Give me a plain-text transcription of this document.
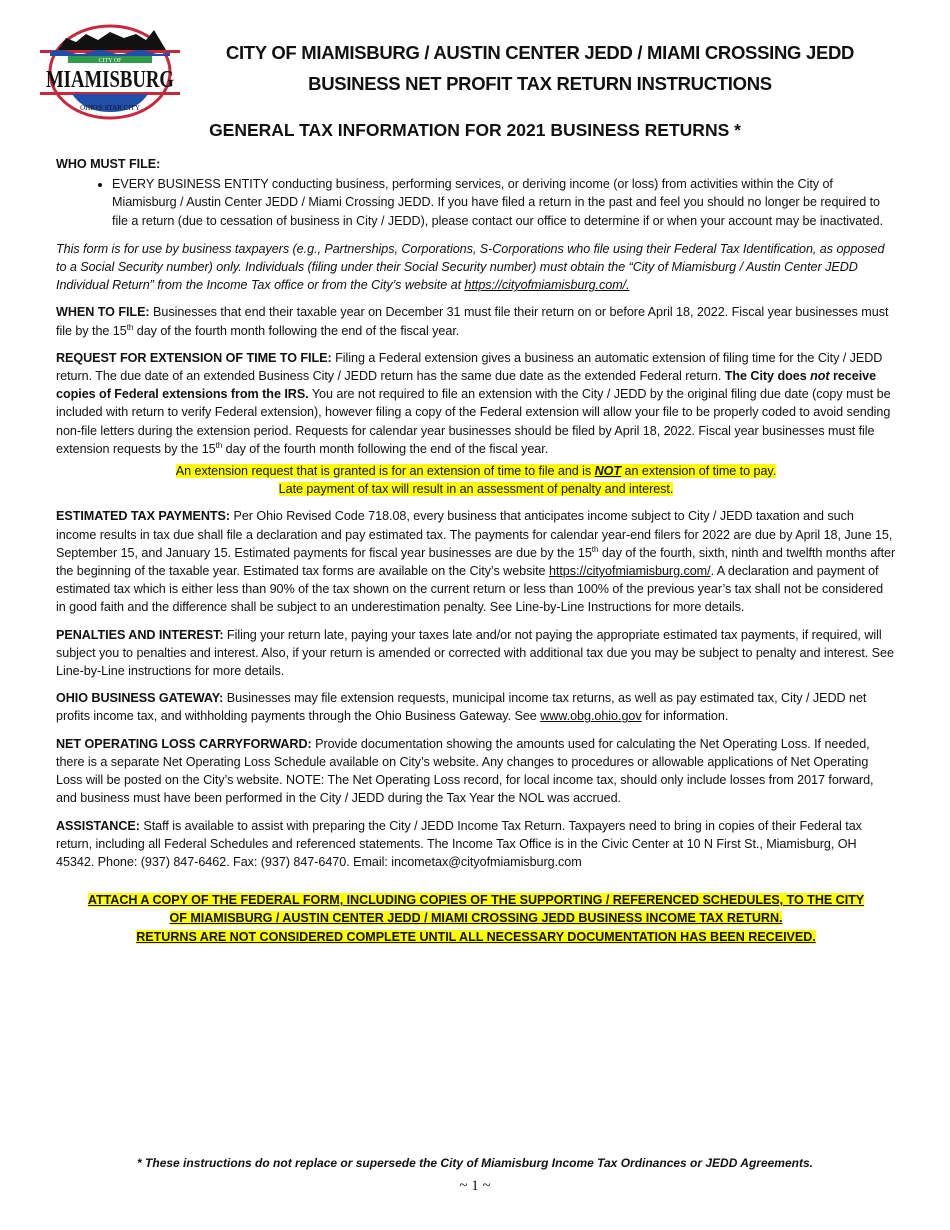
CITY OF
MIAMISBURG
OHIO'S STAR CITY
CITY OF MIAMISBURG / AUSTIN CENTER JEDD / MIAMI CROSSING JEDD
BUSINESS NET PROFIT TAX RETURN INSTRUCTIONS
GENERAL TAX INFORMATION FOR 2021 BUSINESS RETURNS *
WHO MUST FILE:
• EVERY BUSINESS ENTITY conducting business, performing services, or deriving income (or loss) from activities within the City of Miamisburg / Austin Center JEDD / Miami Crossing JEDD. If you have filed a return in the past and feel you should no longer be required to file a return (due to cessation of business in City / JEDD), please contact our office to determine if or when your account may be inactivated.

This form is for use by business taxpayers (e.g., Partnerships, Corporations, S-Corporations who file using their Federal Tax Identification, as opposed to a Social Security number) only. Individuals (filing under their Social Security number) must obtain the “City of Miamisburg / Austin Center JEDD Individual Return” from the Income Tax office or from the City’s website at https://cityofmiamisburg.com/.

WHEN TO FILE: Businesses that end their taxable year on December 31 must file their return on or before April 18, 2022. Fiscal year businesses must file by the 15th day of the fourth month following the end of the fiscal year.

REQUEST FOR EXTENSION OF TIME TO FILE: Filing a Federal extension gives a business an automatic extension of filing time for the City / JEDD return. The due date of an extended Business City / JEDD return has the same due date as the extended Federal return. The City does not receive copies of Federal extensions from the IRS. You are not required to file an extension with the City / JEDD by the original filing due date (copy must be included with return to verify Federal extension), however filing a copy of the Federal extension will allow your file to be properly coded to avoid sending non-file letters during the extension period. Requests for calendar year businesses should be filed by April 18, 2022. Fiscal year businesses must file extension requests by the 15th day of the fourth month following the end of the fiscal year.

An extension request that is granted is for an extension of time to file and is NOT an extension of time to pay.
Late payment of tax will result in an assessment of penalty and interest.

ESTIMATED TAX PAYMENTS: Per Ohio Revised Code 718.08, every business that anticipates income subject to City / JEDD taxation and such income results in tax due shall file a declaration and pay estimated tax. The payments for calendar year-end filers for 2022 are due by April 18, June 15, September 15, and January 15. Estimated payments for fiscal year businesses are due by the 15th day of the fourth, sixth, ninth and twelfth months after the beginning of the taxable year. Estimated tax forms are available on the City’s website https://cityofmiamisburg.com/. A declaration and payment of estimated tax which is either less than 90% of the tax shown on the current return or less than 100% of the previous year’s tax shall not be considered in good faith and the difference shall be subject to an underestimation penalty. See Line-by-Line Instructions for more details.

PENALTIES AND INTEREST: Filing your return late, paying your taxes late and/or not paying the appropriate estimated tax payments, if required, will subject you to penalties and interest. Also, if your return is amended or corrected with additional tax due you may be subject to penalty and interest. See Line-by-Line instructions for more details.

OHIO BUSINESS GATEWAY: Businesses may file extension requests, municipal income tax returns, as well as pay estimated tax, City / JEDD net profits income tax, and withholding payments through the Ohio Business Gateway. See www.obg.ohio.gov for information.

NET OPERATING LOSS CARRYFORWARD: Provide documentation showing the amounts used for calculating the Net Operating Loss. If needed, there is a separate Net Operating Loss Schedule available on City’s website. Any changes to procedures or allowable applications of Net Operating Loss will be posted on the City’s website. NOTE: The Net Operating Loss record, for local income tax, should only include losses from 2017 forward, and business must have been performed in the City / JEDD during the Tax Year the NOL was accrued.

ASSISTANCE: Staff is available to assist with preparing the City / JEDD Income Tax Return. Taxpayers need to bring in copies of their Federal tax return, including all Federal Schedules and referenced statements. The Income Tax Office is in the Civic Center at 10 N First St., Miamisburg, OH 45342. Phone: (937) 847-6462. Fax: (937) 847-6470. Email: incometax@cityofmiamisburg.com

ATTACH A COPY OF THE FEDERAL FORM, INCLUDING COPIES OF THE SUPPORTING / REFERENCED SCHEDULES, TO THE CITY
OF MIAMISBURG / AUSTIN CENTER JEDD / MIAMI CROSSING JEDD BUSINESS INCOME TAX RETURN.
RETURNS ARE NOT CONSIDERED COMPLETE UNTIL ALL NECESSARY DOCUMENTATION HAS BEEN RECEIVED.
* These instructions do not replace or supersede the City of Miamisburg Income Tax Ordinances or JEDD Agreements.
~ 1 ~
